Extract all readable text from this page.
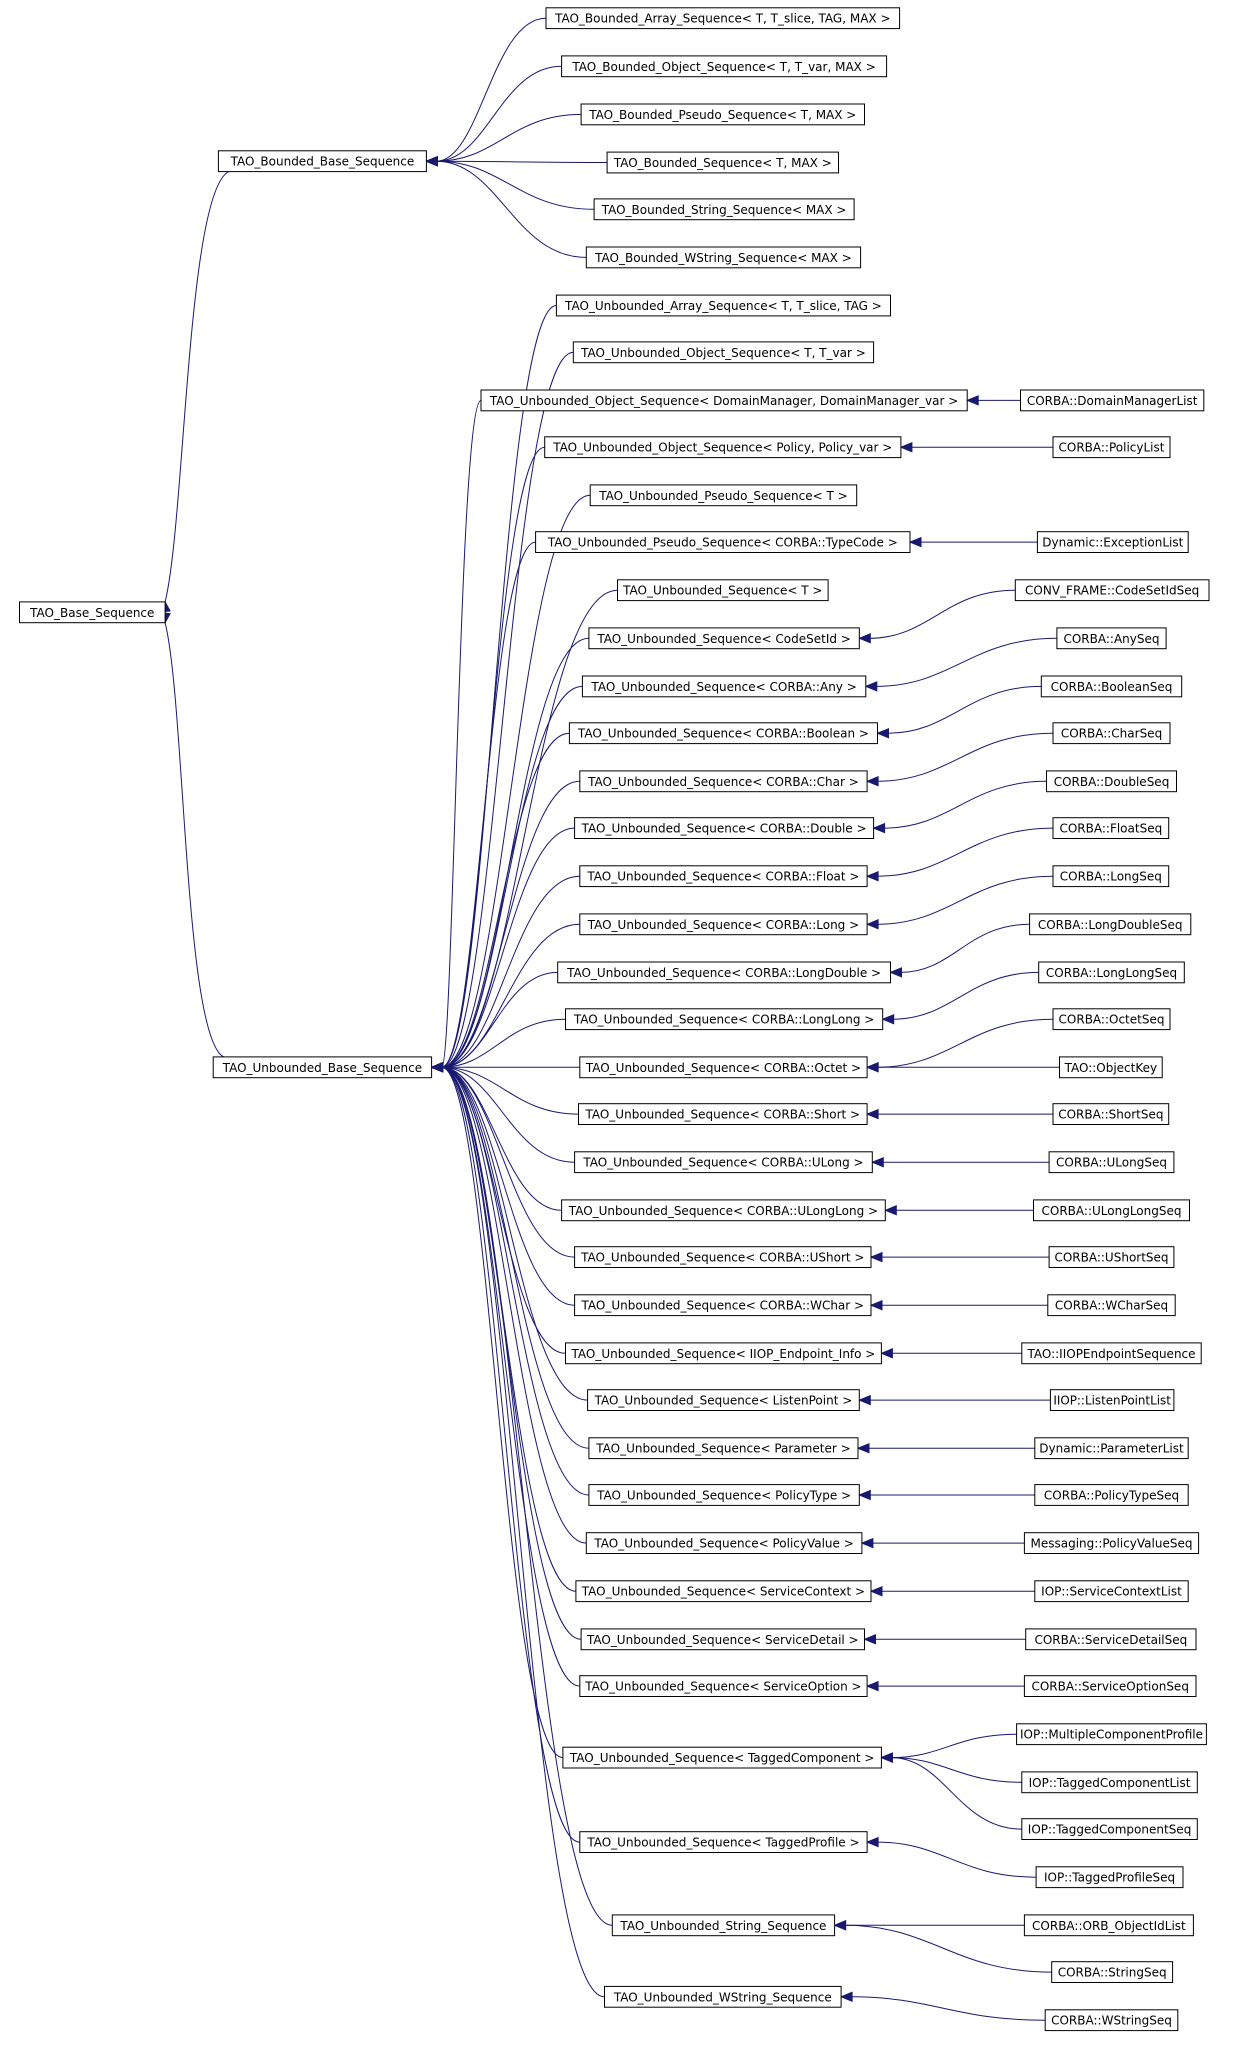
TAO_Base_Sequence
TAO_Bounded_Base_Sequence
TAO_Unbounded_Base_Sequence
TAO_Bounded_Array_Sequence< T, T_slice, TAG, MAX >
TAO_Bounded_Object_Sequence< T, T_var, MAX >
TAO_Bounded_Pseudo_Sequence< T, MAX >
TAO_Bounded_Sequence< T, MAX >
TAO_Bounded_String_Sequence< MAX >
TAO_Bounded_WString_Sequence< MAX >
TAO_Unbounded_Array_Sequence< T, T_slice, TAG >
TAO_Unbounded_Object_Sequence< T, T_var >
TAO_Unbounded_Object_Sequence< DomainManager, DomainManager_var >
TAO_Unbounded_Object_Sequence< Policy, Policy_var >
TAO_Unbounded_Pseudo_Sequence< T >
TAO_Unbounded_Pseudo_Sequence< CORBA::TypeCode >
TAO_Unbounded_Sequence< T >
TAO_Unbounded_Sequence< CodeSetId >
TAO_Unbounded_Sequence< CORBA::Any >
TAO_Unbounded_Sequence< CORBA::Boolean >
TAO_Unbounded_Sequence< CORBA::Char >
TAO_Unbounded_Sequence< CORBA::Double >
TAO_Unbounded_Sequence< CORBA::Float >
TAO_Unbounded_Sequence< CORBA::Long >
TAO_Unbounded_Sequence< CORBA::LongDouble >
TAO_Unbounded_Sequence< CORBA::LongLong >
TAO_Unbounded_Sequence< CORBA::Octet >
TAO_Unbounded_Sequence< CORBA::Short >
TAO_Unbounded_Sequence< CORBA::ULong >
TAO_Unbounded_Sequence< CORBA::ULongLong >
TAO_Unbounded_Sequence< CORBA::UShort >
TAO_Unbounded_Sequence< CORBA::WChar >
TAO_Unbounded_Sequence< IIOP_Endpoint_Info >
TAO_Unbounded_Sequence< ListenPoint >
TAO_Unbounded_Sequence< Parameter >
TAO_Unbounded_Sequence< PolicyType >
TAO_Unbounded_Sequence< PolicyValue >
TAO_Unbounded_Sequence< ServiceContext >
TAO_Unbounded_Sequence< ServiceDetail >
TAO_Unbounded_Sequence< ServiceOption >
TAO_Unbounded_Sequence< TaggedComponent >
TAO_Unbounded_Sequence< TaggedProfile >
TAO_Unbounded_String_Sequence
TAO_Unbounded_WString_Sequence
CORBA::DomainManagerList
CORBA::PolicyList
Dynamic::ExceptionList
CONV_FRAME::CodeSetIdSeq
CORBA::AnySeq
CORBA::BooleanSeq
CORBA::CharSeq
CORBA::DoubleSeq
CORBA::FloatSeq
CORBA::LongSeq
CORBA::LongDoubleSeq
CORBA::LongLongSeq
CORBA::OctetSeq
TAO::ObjectKey
CORBA::ShortSeq
CORBA::ULongSeq
CORBA::ULongLongSeq
CORBA::UShortSeq
CORBA::WCharSeq
TAO::IIOPEndpointSequence
IIOP::ListenPointList
Dynamic::ParameterList
CORBA::PolicyTypeSeq
Messaging::PolicyValueSeq
IOP::ServiceContextList
CORBA::ServiceDetailSeq
CORBA::ServiceOptionSeq
IOP::MultipleComponentProfile
IOP::TaggedComponentList
IOP::TaggedComponentSeq
IOP::TaggedProfileSeq
CORBA::ORB_ObjectIdList
CORBA::StringSeq
CORBA::WStringSeq
